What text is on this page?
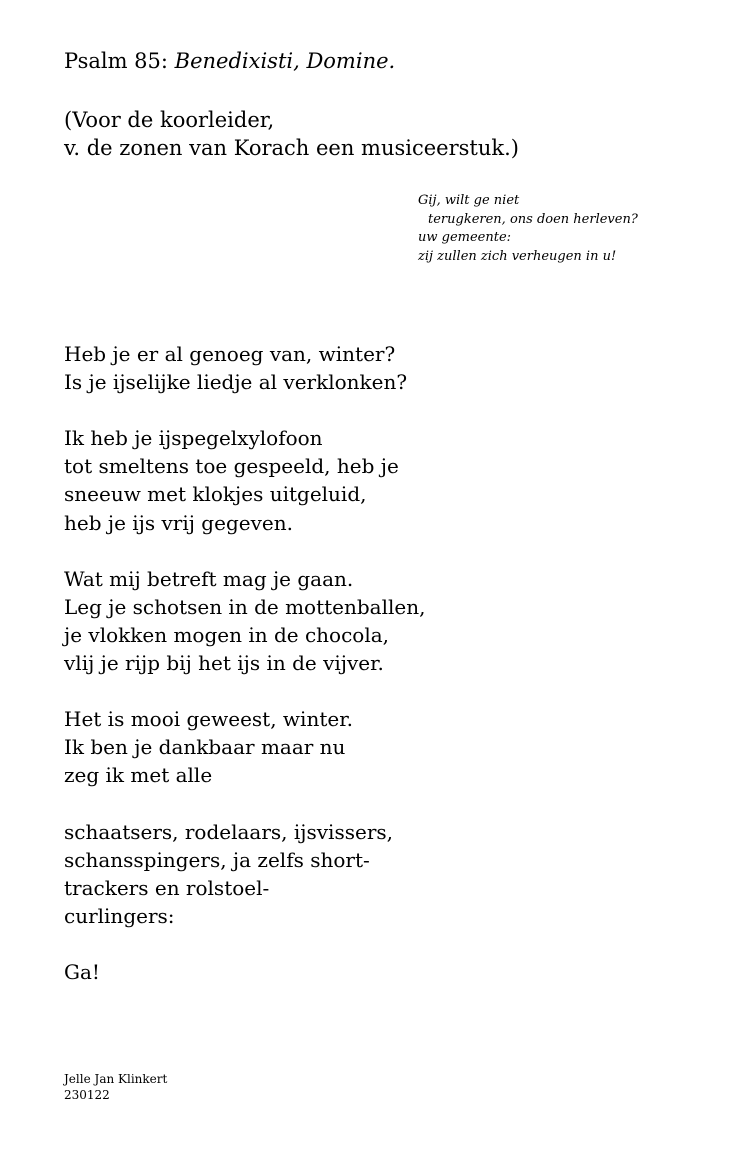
Psalm 85: Benedixisti, Domine.
(Voor de koorleider,
v. de zonen van Korach een musiceerstuk.)
Gij, wilt ge niet
terugkeren, ons doen herleven?
uw gemeente:
zij zullen zich verheugen in u!
Heb je er al genoeg van, winter?
Is je ijselijke liedje al verklonken?
Ik heb je ijspegelxylofoon
tot smeltens toe gespeeld, heb je
sneeuw met klokjes uitgeluid,
heb je ijs vrij gegeven.
Wat mij betreft mag je gaan.
Leg je schotsen in de mottenballen,
je vlokken mogen in de chocola,
vlij je rijp bij het ijs in de vijver.
Het is mooi geweest, winter.
Ik ben je dankbaar maar nu
zeg ik met alle
schaatsers, rodelaars, ijsvissers,
schansspingers, ja zelfs short-
trackers en rolstoel-
curlingers:
Ga!
Jelle Jan Klinkert
230122
